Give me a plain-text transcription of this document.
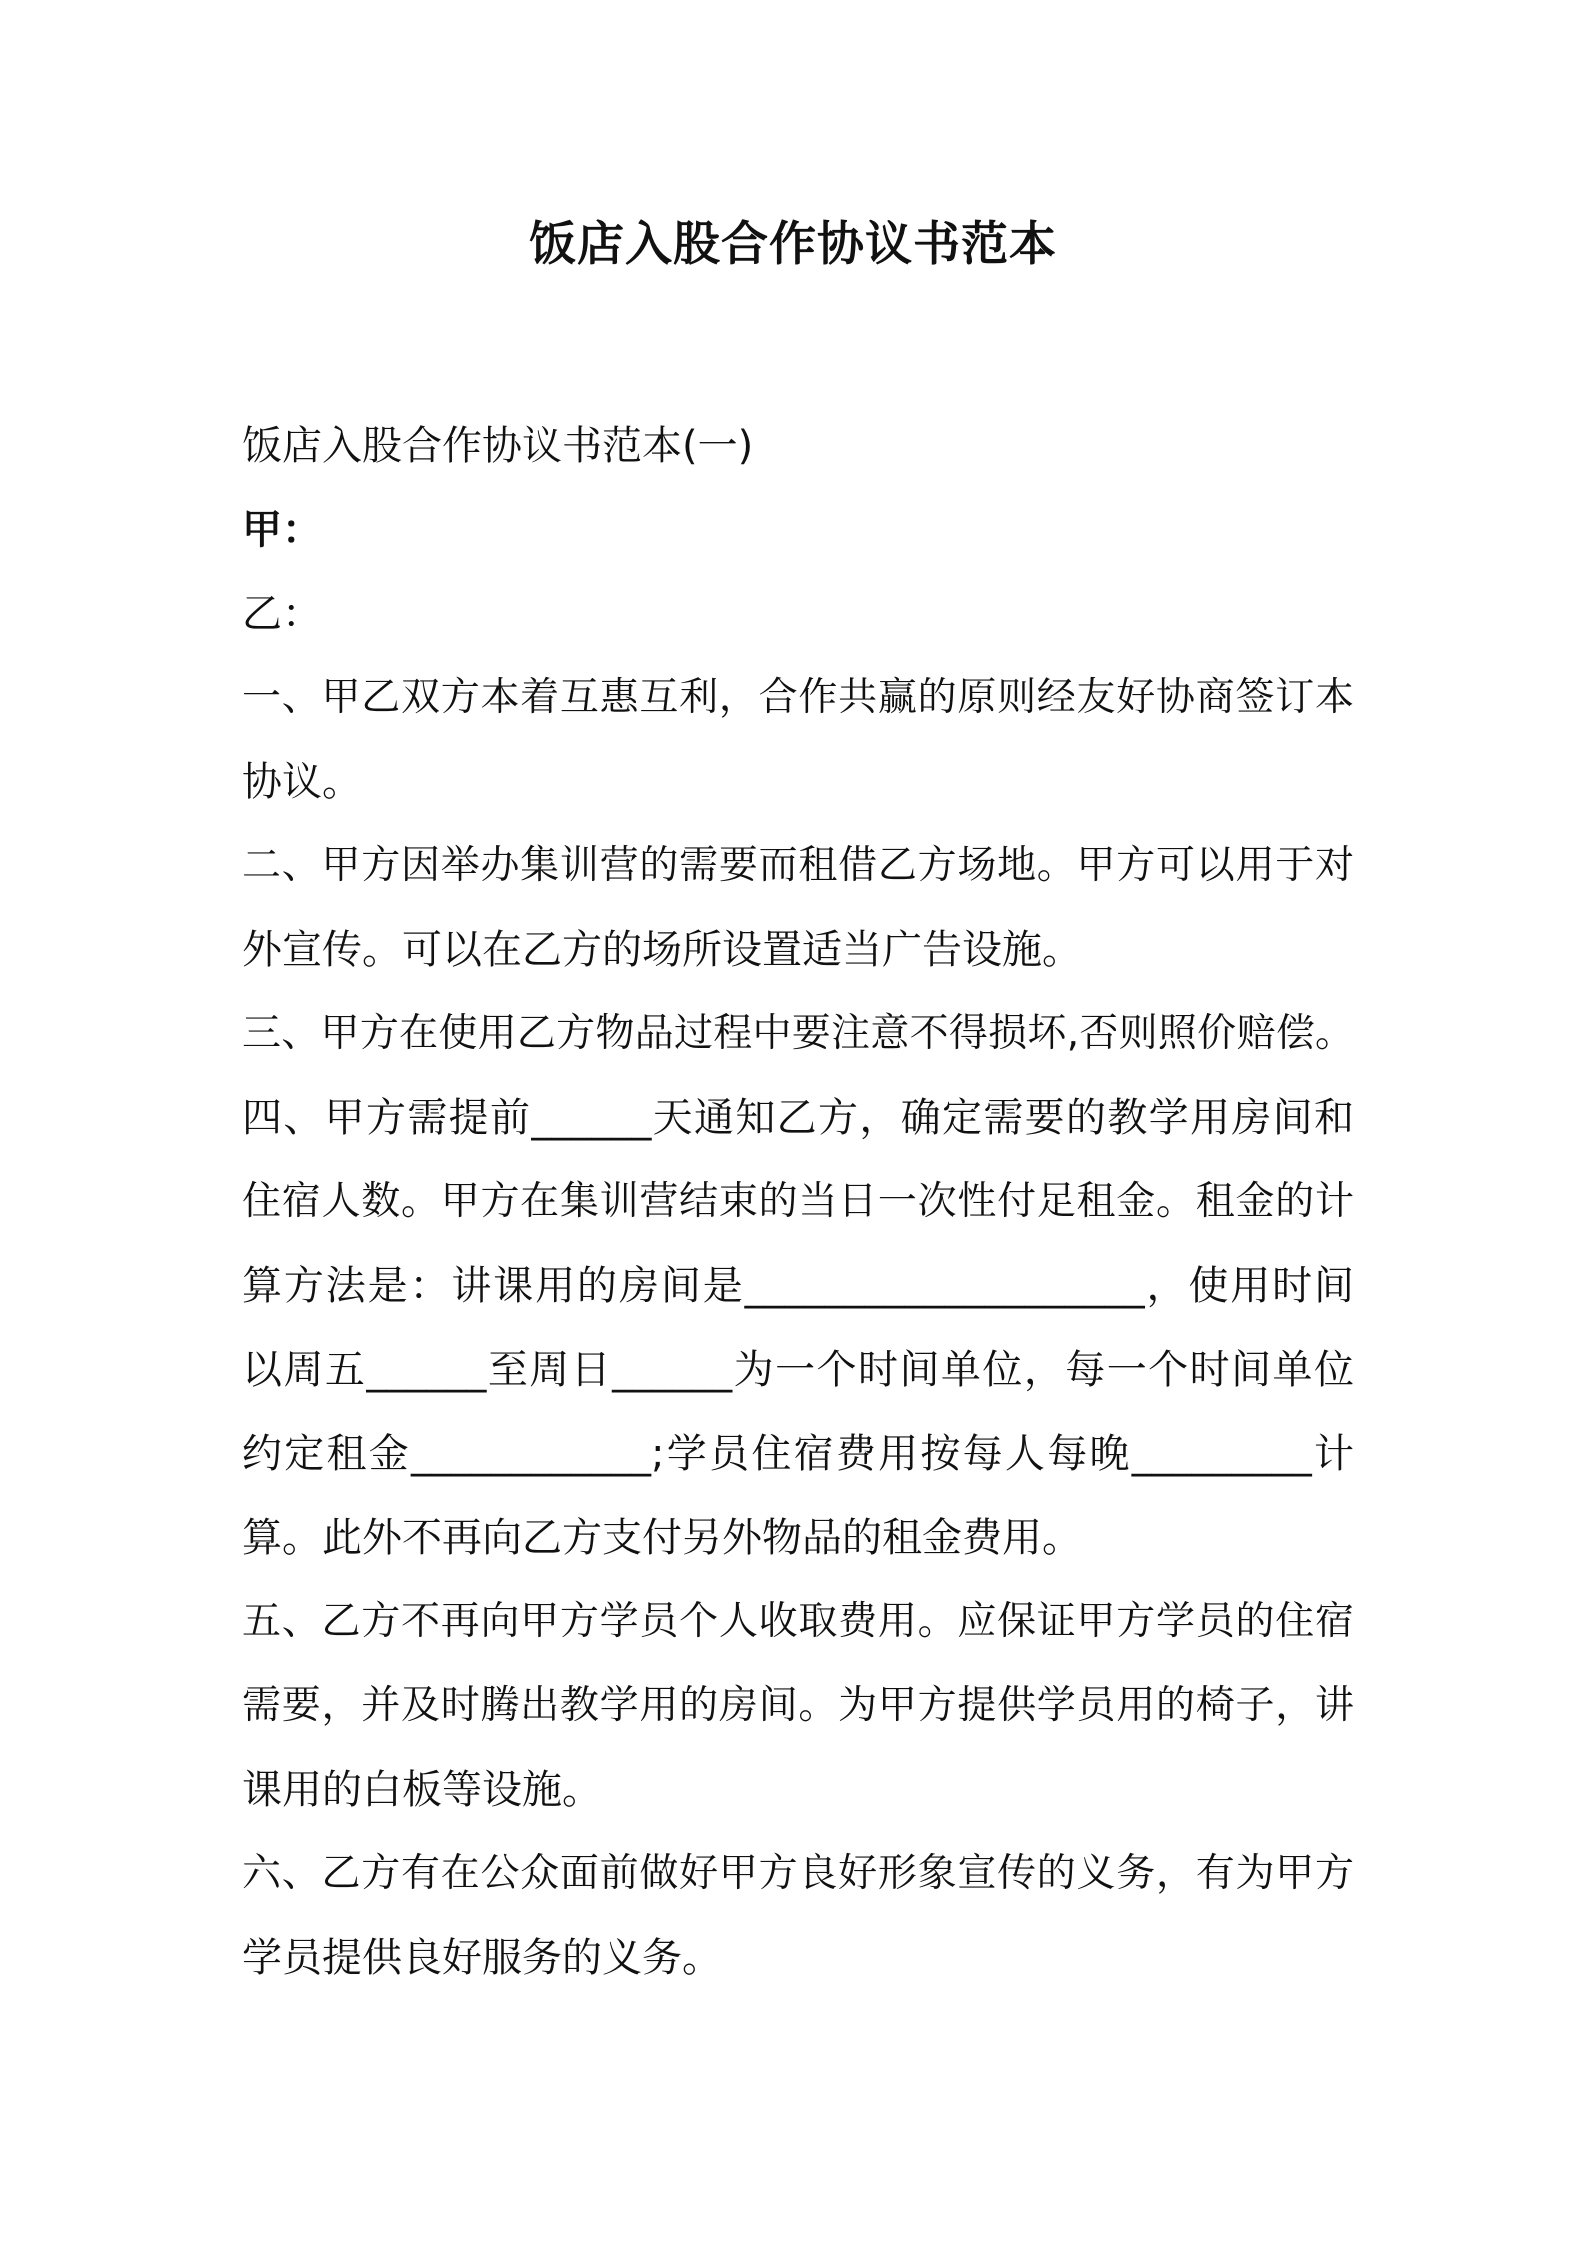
饭店入股合作协议书范本
饭店入股合作协议书范本(一)
甲：
乙：
一、甲乙双方本着互惠互利，合作共赢的原则经友好协商签订本
协议。
二、甲方因举办集训营的需要而租借乙方场地。甲方可以用于对
外宣传。可以在乙方的场所设置适当广告设施。
三、甲方在使用乙方物品过程中要注意不得损坏,否则照价赔偿。
四、甲方需提前______天通知乙方，确定需要的教学用房间和
住宿人数。甲方在集训营结束的当日一次性付足租金。租金的计
算方法是：讲课用的房间是____________________，使用时间
以周五______至周日______为一个时间单位，每一个时间单位
约定租金____________;学员住宿费用按每人每晚_________计
算。此外不再向乙方支付另外物品的租金费用。
五、乙方不再向甲方学员个人收取费用。应保证甲方学员的住宿
需要，并及时腾出教学用的房间。为甲方提供学员用的椅子，讲
课用的白板等设施。
六、乙方有在公众面前做好甲方良好形象宣传的义务，有为甲方
学员提供良好服务的义务。
